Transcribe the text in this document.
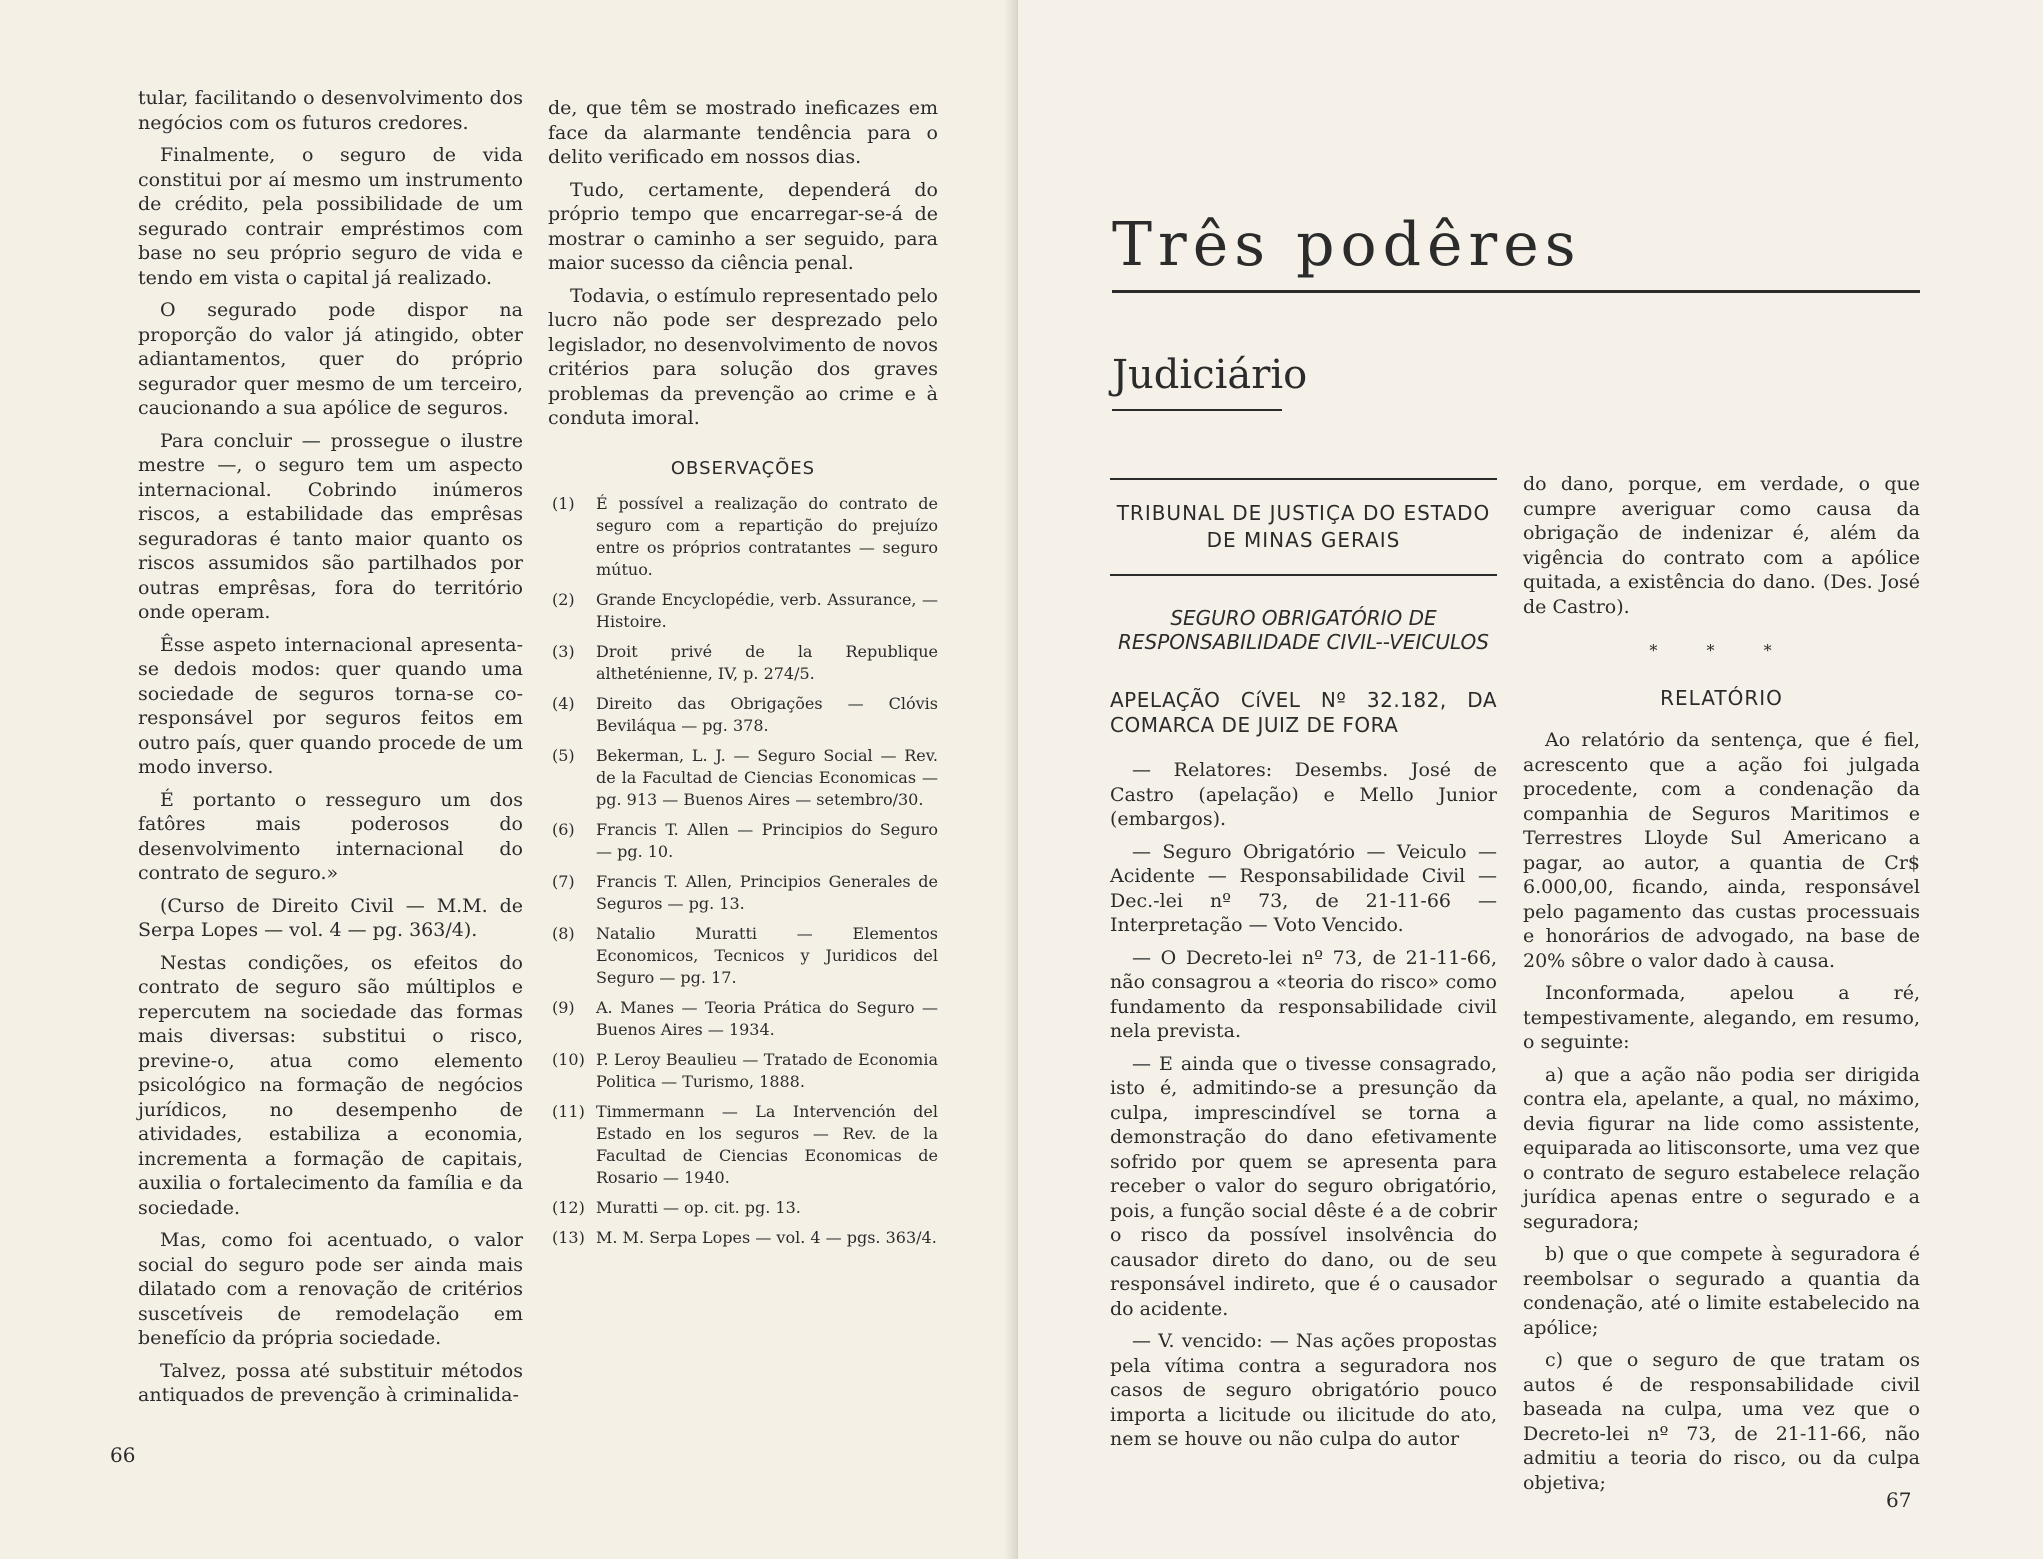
tular, facilitando o desenvolvimento dos negócios com os futuros credores.

Finalmente, o seguro de vida constitui por aí mesmo um instrumento de crédito, pela possibilidade de um segurado contrair empréstimos com base no seu próprio seguro de vida e tendo em vista o capital já realizado.

O segurado pode dispor na proporção do valor já atingido, obter adiantamentos, quer do próprio segurador quer mesmo de um terceiro, caucionando a sua apólice de seguros.

Para concluir — prossegue o ilustre mestre —, o seguro tem um aspecto internacional. Cobrindo inúmeros riscos, a estabilidade das emprêsas seguradoras é tanto maior quanto os riscos assumidos são partilhados por outras emprêsas, fora do território onde operam.

Êsse aspeto internacional apresenta-se dedois modos: quer quando uma sociedade de seguros torna-se co-responsável por seguros feitos em outro país, quer quando procede de um modo inverso.

É portanto o resseguro um dos fatôres mais poderosos do desenvolvimento internacional do contrato de seguro.»

(Curso de Direito Civil — M.M. de Serpa Lopes — vol. 4 — pg. 363/4).

Nestas condições, os efeitos do contrato de seguro são múltiplos e repercutem na sociedade das formas mais diversas: substitui o risco, previne-o, atua como elemento psicológico na formação de negócios jurídicos, no desempenho de atividades, estabiliza a economia, incrementa a formação de capitais, auxilia o fortalecimento da família e da sociedade.

Mas, como foi acentuado, o valor social do seguro pode ser ainda mais dilatado com a renovação de critérios suscetíveis de remodelação em benefício da própria sociedade.

Talvez, possa até substituir métodos antiquados de prevenção à criminalida-

de, que têm se mostrado ineficazes em face da alarmante tendência para o delito verificado em nossos dias.

Tudo, certamente, dependerá do próprio tempo que encarregar-se-á de mostrar o caminho a ser seguido, para maior sucesso da ciência penal.

Todavia, o estímulo representado pelo lucro não pode ser desprezado pelo legislador, no desenvolvimento de novos critérios para solução dos graves problemas da prevenção ao crime e à conduta imoral.

OBSERVAÇÕES
(1)	É possível a realização do contrato de seguro com a repartição do prejuízo entre os próprios contratantes — seguro mútuo.
(2)	Grande Encyclopédie, verb. Assurance, — Histoire.
(3)	Droit privé de la Republique altheténienne, IV, p. 274/5.
(4)	Direito das Obrigações — Clóvis Beviláqua — pg. 378.
(5)	Bekerman, L. J. — Seguro Social — Rev. de la Facultad de Ciencias Economicas — pg. 913 — Buenos Aires — setembro/30.
(6)	Francis T. Allen — Principios do Seguro — pg. 10.
(7)	Francis T. Allen, Principios Generales de Seguros — pg. 13.
(8)	Natalio Muratti — Elementos Economicos, Tecnicos y Juridicos del Seguro — pg. 17.
(9)	A. Manes — Teoria Prática do Seguro — Buenos Aires — 1934.
(10) P. Leroy Beaulieu — Tratado de Economia Politica — Turismo, 1888.
(11) Timmermann — La Intervención del Estado en los seguros — Rev. de la Facultad de Ciencias Economicas de Rosario — 1940.
(12) Muratti — op. cit. pg. 13.
(13) M. M. Serpa Lopes — vol. 4 — pgs. 363/4.
66
Três podêres
Judiciário
TRIBUNAL DE JUSTIÇA DO ESTADO DE MINAS GERAIS
SEGURO OBRIGATÓRIO DE RESPONSABILIDADE CIVIL--VEICULOS
APELAÇÃO CíVEL Nº 32.182, DA COMARCA DE JUIZ DE FORA

— Relatores: Desembs. José de Castro (apelação) e Mello Junior (embargos).

— Seguro Obrigatório — Veiculo — Acidente — Responsabilidade Civil — Dec.-lei nº 73, de 21-11-66 — Interpretação — Voto Vencido.

— O Decreto-lei nº 73, de 21-11-66, não consagrou a «teoria do risco» como fundamento da responsabilidade civil nela prevista.

— E ainda que o tivesse consagrado, isto é, admitindo-se a presunção da culpa, imprescindível se torna a demonstração do dano efetivamente sofrido por quem se apresenta para receber o valor do seguro obrigatório, pois, a função social dêste é a de cobrir o risco da possível insolvência do causador direto do dano, ou de seu responsável indireto, que é o causador do acidente.

— V. vencido: — Nas ações propostas pela vítima contra a seguradora nos casos de seguro obrigatório pouco importa a licitude ou ilicitude do ato, nem se houve ou não culpa do autor

do dano, porque, em verdade, o que cumpre averiguar como causa da obrigação de indenizar é, além da vigência do contrato com a apólice quitada, a existência do dano. (Des. José de Castro).

* * *
RELATÓRIO

Ao relatório da sentença, que é fiel, acrescento que a ação foi julgada procedente, com a condenação da companhia de Seguros Maritimos e Terrestres Lloyde Sul Americano a pagar, ao autor, a quantia de Cr$ 6.000,00, ficando, ainda, responsável pelo pagamento das custas processuais e honorários de advogado, na base de 20% sôbre o valor dado à causa.

Inconformada, apelou a ré, tempestivamente, alegando, em resumo, o seguinte:

a) que a ação não podia ser dirigida contra ela, apelante, a qual, no máximo, devia figurar na lide como assistente, equiparada ao litisconsorte, uma vez que o contrato de seguro estabelece relação jurídica apenas entre o segurado e a seguradora;

b) que o que compete à seguradora é reembolsar o segurado a quantia da condenação, até o limite estabelecido na apólice;

c) que o seguro de que tratam os autos é de responsabilidade civil baseada na culpa, uma vez que o Decreto-lei nº 73, de 21-11-66, não admitiu a teoria do risco, ou da culpa objetiva;

67
